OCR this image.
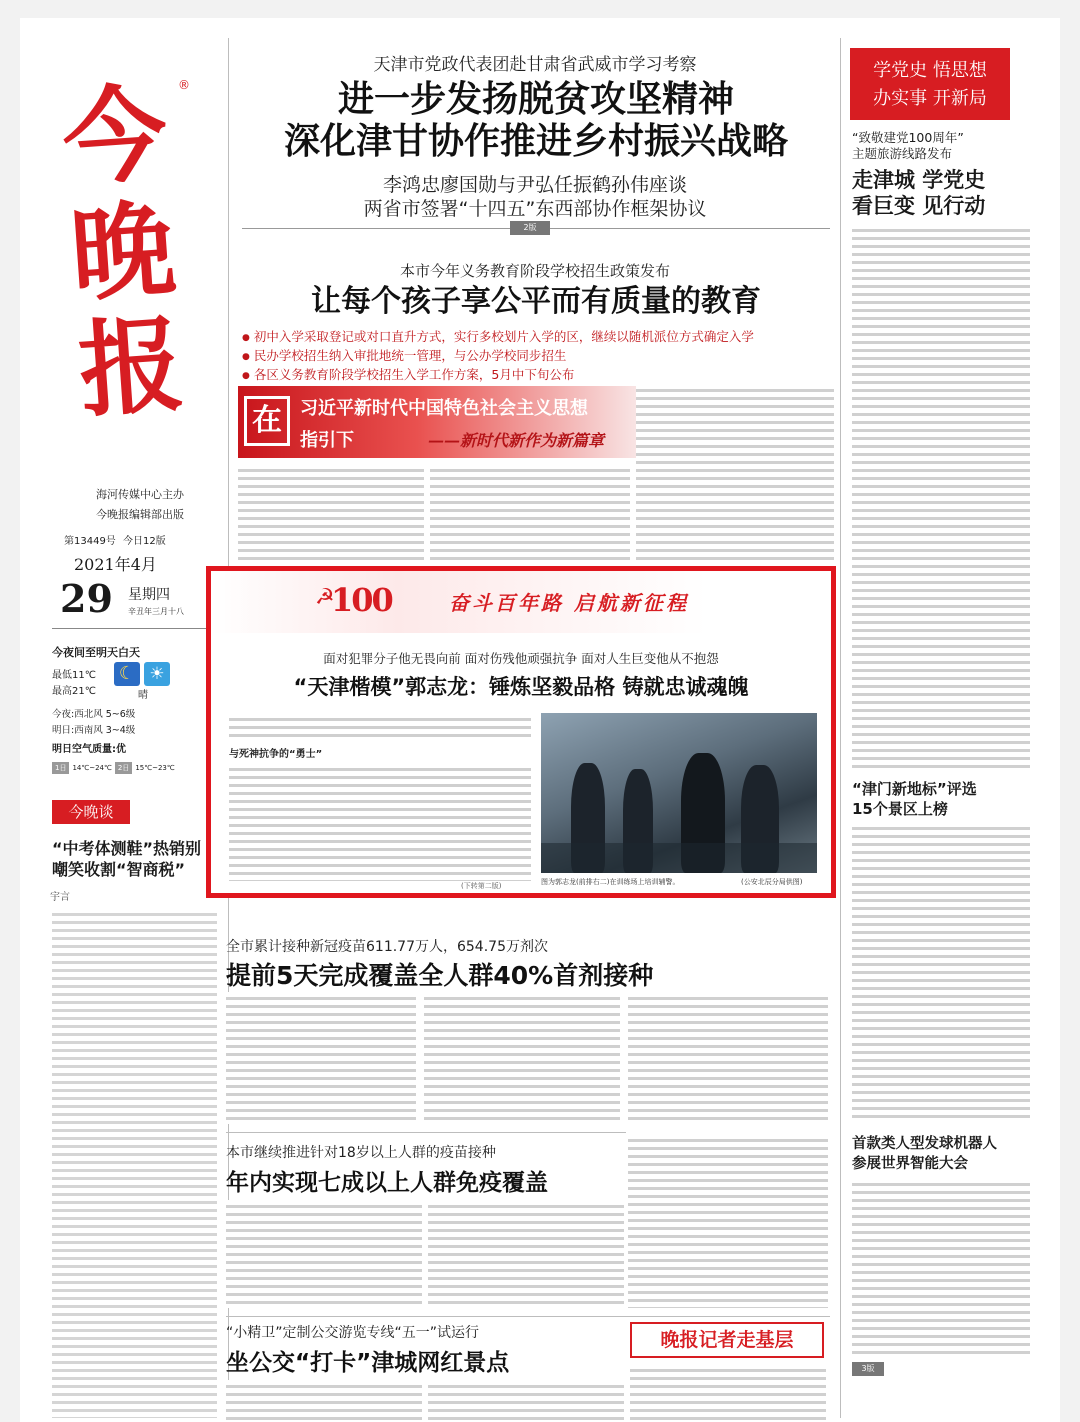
今晚报
®
海河传媒中心主办
今晚报编辑部出版
第13449号 今日12版
2021年4月
29 星期四
辛丑年三月十八
今夜间至明天白天
最低11℃
最高21℃
☾ ☀
晴
今夜:西北风 5~6级
明日:西南风 3~4级
明日空气质量:优
1日 14℃~24℃ 2日 15℃~23℃
今晚谈
“中考体测鞋”热销别嘲笑收割“智商税”
宇言
天津市党政代表团赴甘肃省武威市学习考察
进一步发扬脱贫攻坚精神
深化津甘协作推进乡村振兴战略
李鸿忠廖国勋与尹弘任振鹤孙伟座谈
两省市签署“十四五”东西部协作框架协议
2版
本市今年义务教育阶段学校招生政策发布
让每个孩子享公平而有质量的教育
● 初中入学采取登记或对口直升方式，实行多校划片入学的区，继续以随机派位方式确定入学
● 民办学校招生纳入审批地统一管理，与公办学校同步招生
● 各区义务教育阶段学校招生入学工作方案，5月中下旬公布
在	习近平新时代中国特色社会主义思想
指引下	——新时代新作为新篇章
100
☭	奋斗百年路 启航新征程
面对犯罪分子他无畏向前 面对伤残他顽强抗争 面对人生巨变他从不抱怨
“天津楷模”郭志龙：锤炼坚毅品格 铸就忠诚魂魄
与死神抗争的“勇士”
(下转第二版)	图为郭志龙(前排右二)在训练场上培训辅警。	(公安北辰分局供图)
全市累计接种新冠疫苗611.77万人，654.75万剂次
提前5天完成覆盖全人群40%首剂接种
本市继续推进针对18岁以上人群的疫苗接种
年内实现七成以上人群免疫覆盖
“小精卫”定制公交游览专线“五一”试运行
坐公交“打卡”津城网红景点
晚报记者走基层
学党史 悟思想
办实事 开新局
“致敬建党100周年”
主题旅游线路发布
走津城 学党史
看巨变 见行动
“津门新地标”评选
15个景区上榜
首款类人型发球机器人
参展世界智能大会
3版
